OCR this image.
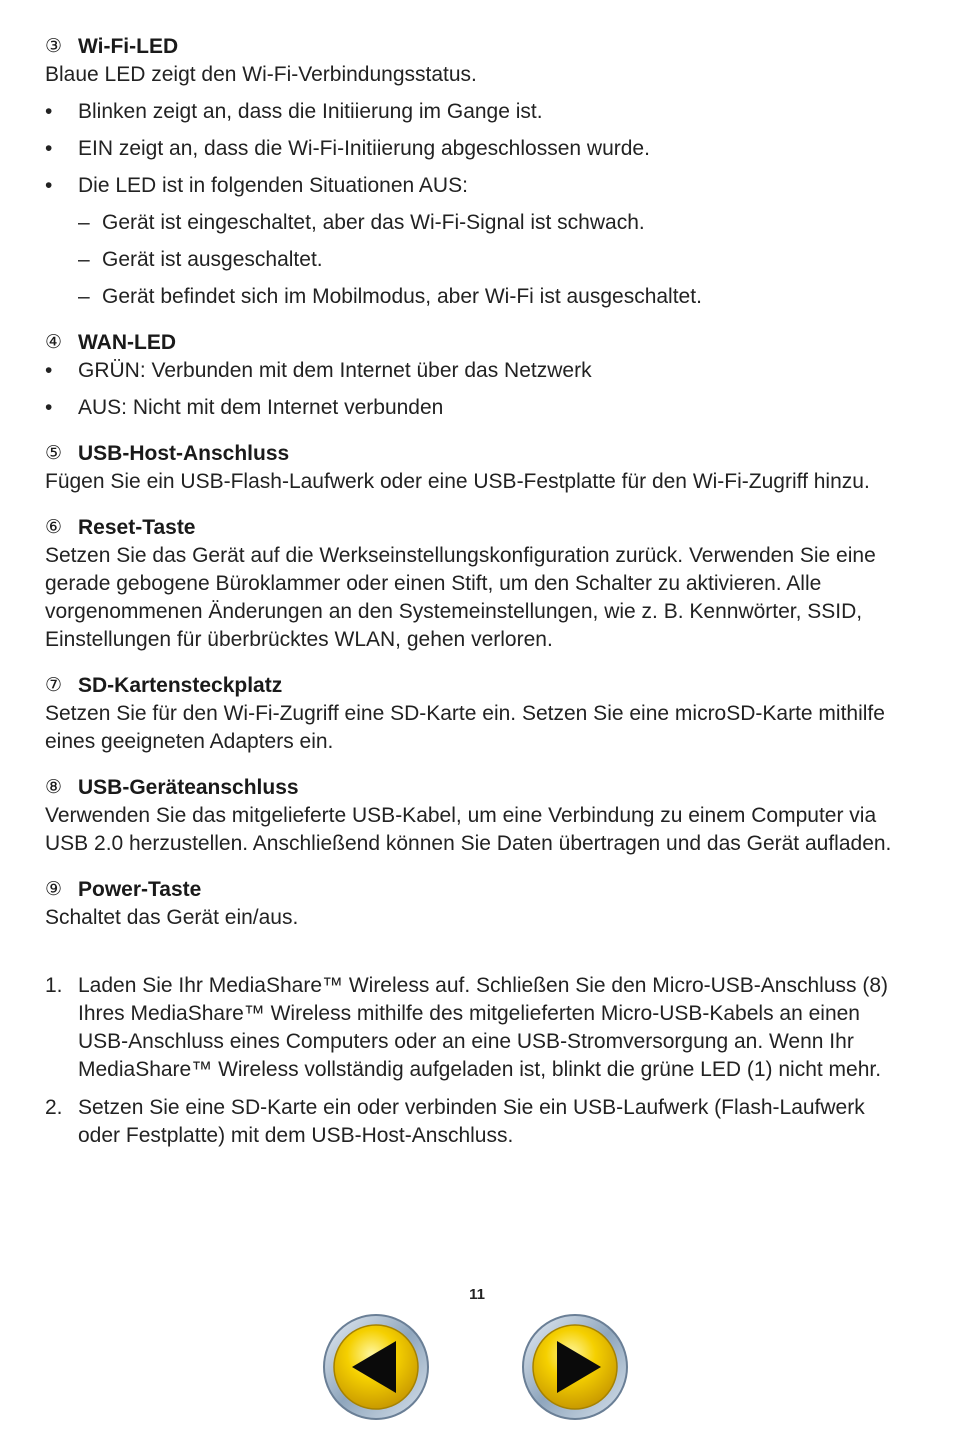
③ Wi-Fi-LED

Blaue LED zeigt den Wi-Fi-Verbindungsstatus.

•	Blinken zeigt an, dass die Initiierung im Gange ist.
•	EIN zeigt an, dass die Wi-Fi-Initiierung abgeschlossen wurde.
•	Die LED ist in folgenden Situationen AUS:
– Gerät ist eingeschaltet, aber das Wi-Fi-Signal ist schwach.
– Gerät ist ausgeschaltet.
– Gerät befindet sich im Mobilmodus, aber Wi-Fi ist ausgeschaltet.
④ WAN-LED
•	GRÜN: Verbunden mit dem Internet über das Netzwerk
•	AUS: Nicht mit dem Internet verbunden
⑤ USB-Host-Anschluss

Fügen Sie ein USB-Flash-Laufwerk oder eine USB-Festplatte für den Wi-Fi-Zugriff hinzu.

⑥ Reset-Taste

Setzen Sie das Gerät auf die Werkseinstellungskonfiguration zurück. Verwenden Sie eine gerade gebogene Büroklammer oder einen Stift, um den Schalter zu aktivieren. Alle vorgenommenen Änderungen an den Systemeinstellungen, wie z. B. Kennwörter, SSID, Einstellungen für überbrücktes WLAN, gehen verloren.

⑦ SD-Kartensteckplatz

Setzen Sie für den Wi-Fi-Zugriff eine SD-Karte ein. Setzen Sie eine microSD-Karte mithilfe eines geeigneten Adapters ein.

⑧ USB-Geräteanschluss

Verwenden Sie das mitgelieferte USB-Kabel, um eine Verbindung zu einem Computer via USB 2.0 herzustellen. Anschließend können Sie Daten übertragen und das Gerät aufladen.

⑨ Power-Taste

Schaltet das Gerät ein/aus.

1. Laden Sie Ihr MediaShare™ Wireless auf. Schließen Sie den Micro-USB-Anschluss (8) Ihres MediaShare™ Wireless mithilfe des mitgelieferten Micro-USB-Kabels an einen USB-Anschluss eines Computers oder an eine USB-Stromversorgung an. Wenn Ihr MediaShare™ Wireless vollständig aufgeladen ist, blinkt die grüne LED (1) nicht mehr.
2. Setzen Sie eine SD-Karte ein oder verbinden Sie ein USB-Laufwerk (Flash-Laufwerk oder Festplatte) mit dem USB-Host-Anschluss.
11
